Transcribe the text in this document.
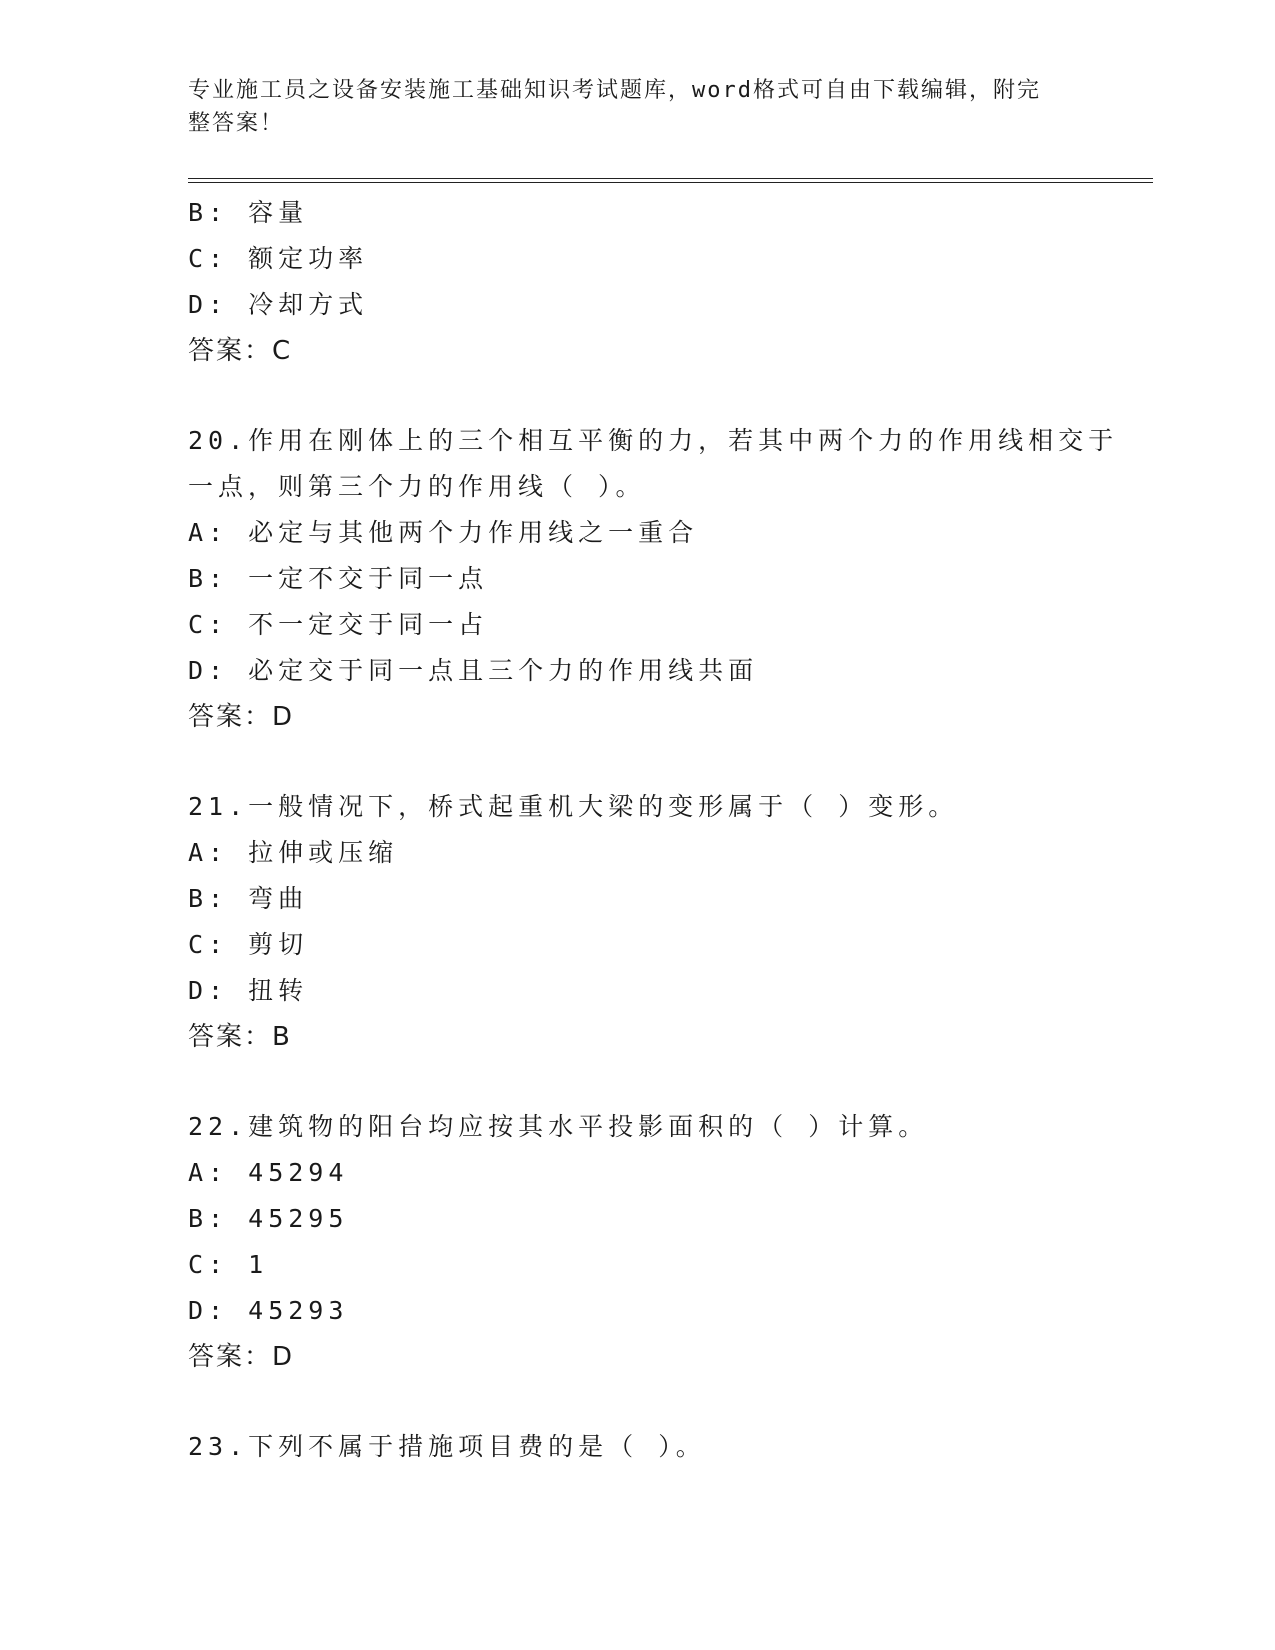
专业施工员之设备安装施工基础知识考试题库，word格式可自由下载编辑，附完
整答案！
B: 容量
C: 额定功率
D: 冷却方式
答案：C
20.作用在刚体上的三个相互平衡的力，若其中两个力的作用线相交于
一点，则第三个力的作用线（ ）。
A: 必定与其他两个力作用线之一重合
B: 一定不交于同一点
C: 不一定交于同一占
D: 必定交于同一点且三个力的作用线共面
答案：D
21.一般情况下，桥式起重机大梁的变形属于（ ）变形。
A: 拉伸或压缩
B: 弯曲
C: 剪切
D: 扭转
答案：B
22.建筑物的阳台均应按其水平投影面积的（ ）计算。
A: 45294
B: 45295
C: 1
D: 45293
答案：D
23.下列不属于措施项目费的是（ ）。
